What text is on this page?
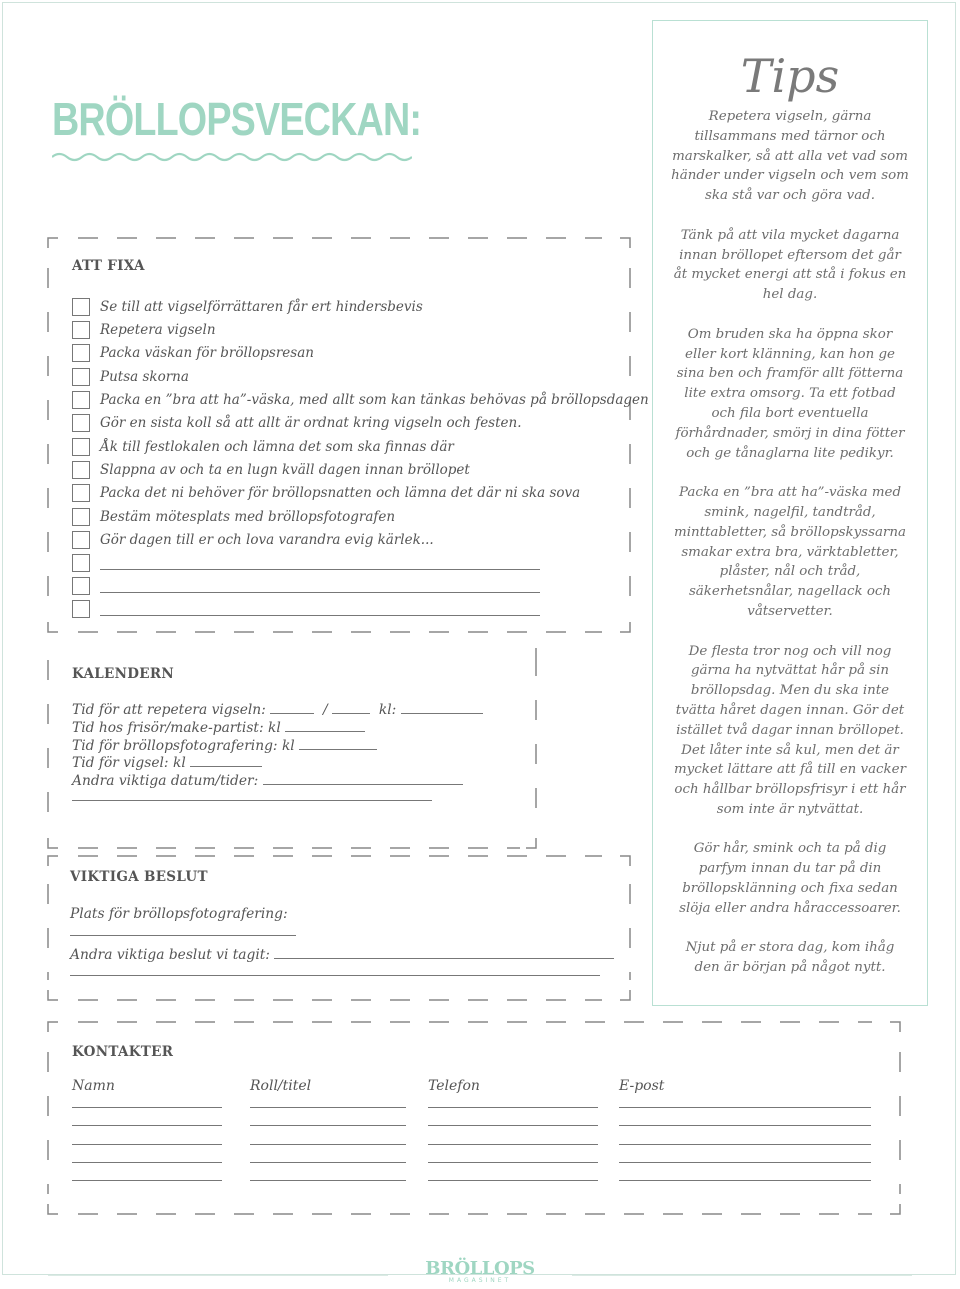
BRÖLLOPSVECKAN:
Tips

Repetera vigseln, gärna tillsammans med tärnor och marskalker, så att alla vet vad som händer under vigseln och vem som ska stå var och göra vad.

Tänk på att vila mycket dagarna innan bröllopet eftersom det går åt mycket energi att stå i fokus en hel dag.

Om bruden ska ha öppna skor eller kort klänning, kan hon ge sina ben och framför allt fötterna lite extra omsorg. Ta ett fotbad och fila bort eventuella förhårdnader, smörj in dina fötter och ge tånaglarna lite pedikyr.

Packa en ”bra att ha”-väska med smink, nagelfil, tandtråd, minttabletter, så bröllopskyssarna smakar extra bra, värktabletter, plåster, nål och tråd, säkerhetsnålar, nagellack och våtservetter.

De flesta tror nog och vill nog gärna ha nytvättat hår på sin bröllopsdag. Men du ska inte tvätta håret dagen innan. Gör det istället två dagar innan bröllopet. Det låter inte så kul, men det är mycket lättare att få till en vacker och hållbar bröllopsfrisyr i ett hår som inte är nytvättat.

Gör hår, smink och ta på dig parfym innan du tar på din bröllopsklänning och fixa sedan slöja eller andra håraccessoarer.

Njut på er stora dag, kom ihåg den är början på något nytt.

ATT FIXA
Se till att vigselförrättaren får ert hindersbevis
Repetera vigseln
Packa väskan för bröllopsresan
Putsa skorna
Packa en ”bra att ha”-väska, med allt som kan tänkas behövas på bröllopsdagen
Gör en sista koll så att allt är ordnat kring vigseln och festen.
Åk till festlokalen och lämna det som ska finnas där
Slappna av och ta en lugn kväll dagen innan bröllopet
Packa det ni behöver för bröllopsnatten och lämna det där ni ska sova
Bestäm mötesplats med bröllopsfotografen
Gör dagen till er och lova varandra evig kärlek...
KALENDERN
Tid för att repetera vigseln:	/	kl:
Tid hos frisör/make-partist: kl
Tid för bröllopsfotografering: kl
Tid för vigsel: kl
Andra viktiga datum/tider:
VIKTIGA BESLUT
Plats för bröllopsfotografering:
Andra viktiga beslut vi tagit:
KONTAKTER
Namn	Roll/titel	Telefon	E-post
BRÖLLOPS
MAGASINET
